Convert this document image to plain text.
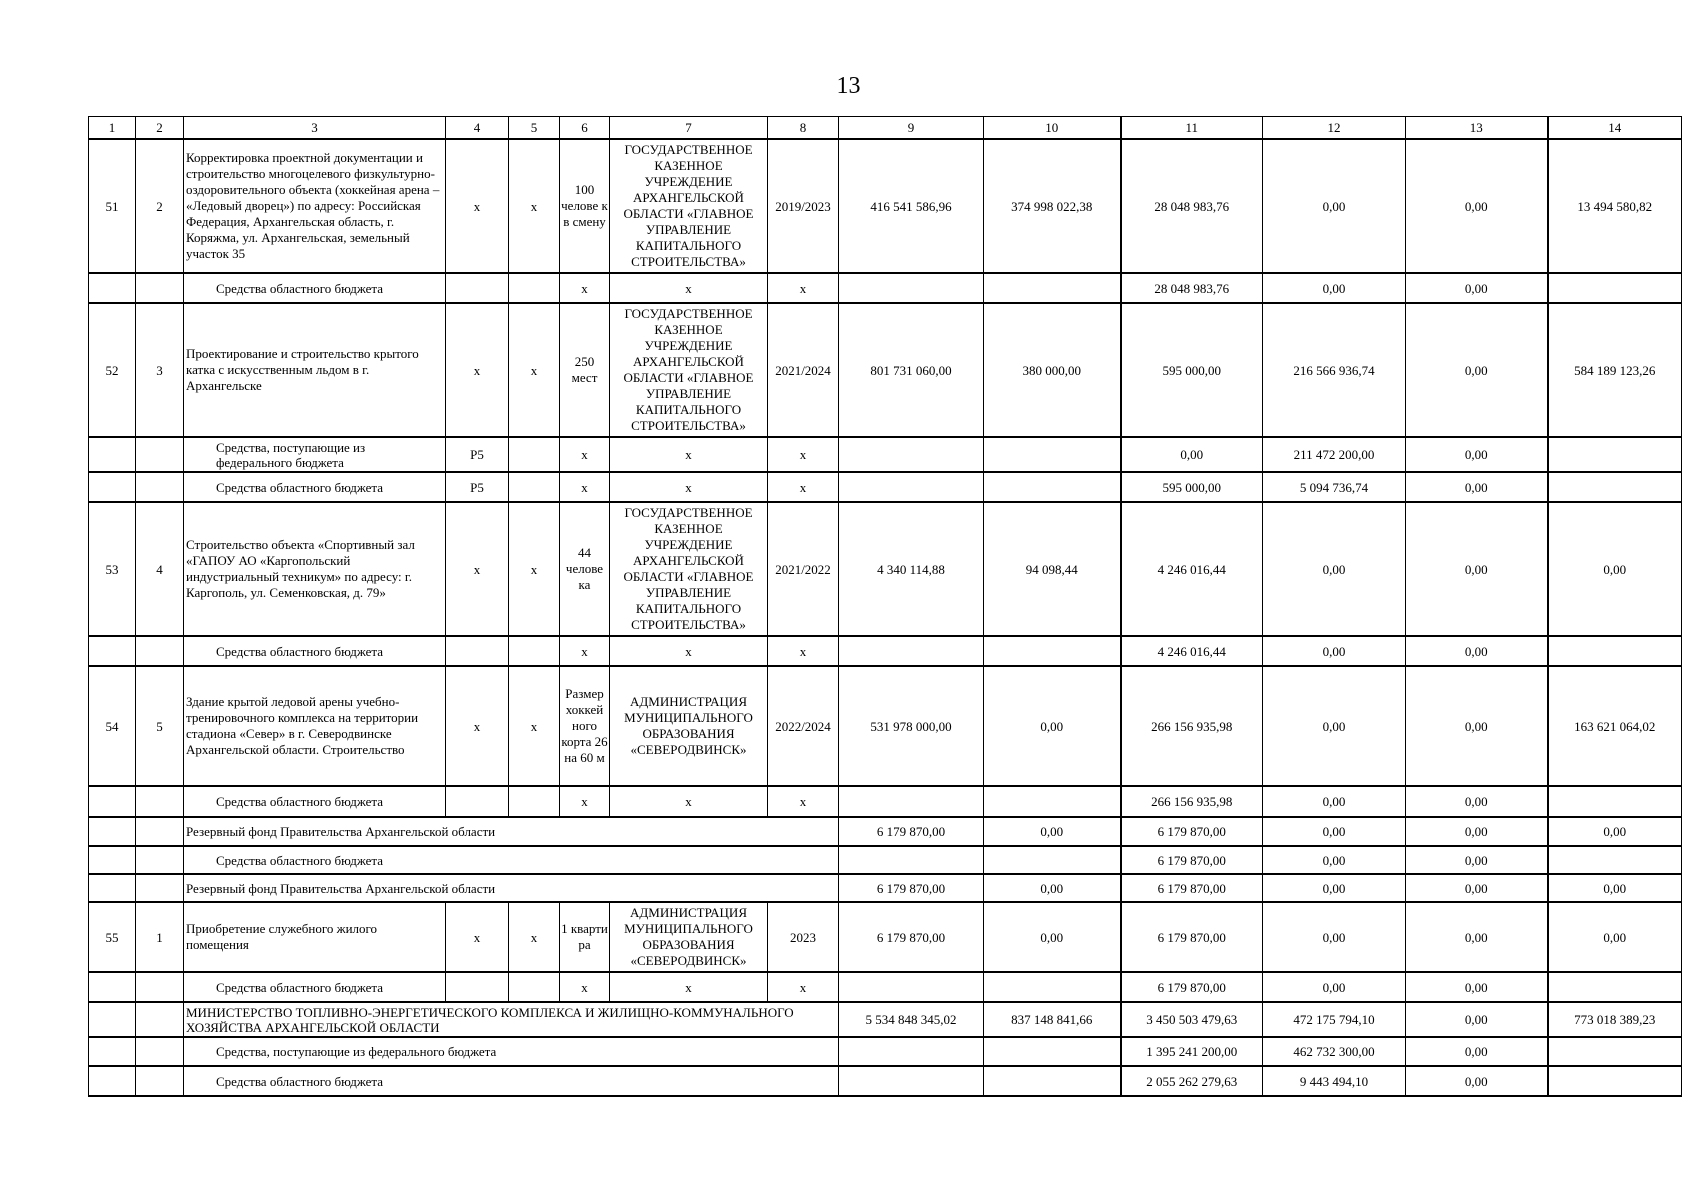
13
1	2	3	4	5	6	7	8	9	10	11	12	13	14
51	2	Корректировка проектной документации и строительство многоцелевого физкультурно-оздоровительного объекта (хоккейная арена – «Ледовый дворец») по адресу: Российская Федерация, Архангельская область, г. Коряжма, ул. Архангельская, земельный участок 35	x	x	100 челове к в смену	ГОСУДАРСТВЕННОЕ КАЗЕННОЕ УЧРЕЖДЕНИЕ АРХАНГЕЛЬСКОЙ ОБЛАСТИ «ГЛАВНОЕ УПРАВЛЕНИЕ КАПИТАЛЬНОГО СТРОИТЕЛЬСТВА»	2019/2023	416 541 586,96	374 998 022,38	28 048 983,76	0,00	0,00	13 494 580,82
		Средства областного бюджета			x	x	x			28 048 983,76	0,00	0,00	
52	3	Проектирование и строительство крытого катка с искусственным льдом в г. Архангельске	x	x	250 мест	ГОСУДАРСТВЕННОЕ КАЗЕННОЕ УЧРЕЖДЕНИЕ АРХАНГЕЛЬСКОЙ ОБЛАСТИ «ГЛАВНОЕ УПРАВЛЕНИЕ КАПИТАЛЬНОГО СТРОИТЕЛЬСТВА»	2021/2024	801 731 060,00	380 000,00	595 000,00	216 566 936,74	0,00	584 189 123,26
		Средства, поступающие из федерального бюджета	P5		x	x	x			0,00	211 472 200,00	0,00	
		Средства областного бюджета	P5		x	x	x			595 000,00	5 094 736,74	0,00	
53	4	Строительство объекта «Спортивный зал «ГАПОУ АО «Каргопольский индустриальный техникум» по адресу: г. Каргополь, ул. Семенковская, д. 79»	x	x	44 челове ка	ГОСУДАРСТВЕННОЕ КАЗЕННОЕ УЧРЕЖДЕНИЕ АРХАНГЕЛЬСКОЙ ОБЛАСТИ «ГЛАВНОЕ УПРАВЛЕНИЕ КАПИТАЛЬНОГО СТРОИТЕЛЬСТВА»	2021/2022	4 340 114,88	94 098,44	4 246 016,44	0,00	0,00	0,00
		Средства областного бюджета			x	x	x			4 246 016,44	0,00	0,00	
54	5	Здание крытой ледовой арены учебно-тренировочного комплекса на территории стадиона «Север» в г. Северодвинске Архангельской области. Строительство	x	x	Размер хоккей ного корта 26 на 60 м	АДМИНИСТРАЦИЯ МУНИЦИПАЛЬНОГО ОБРАЗОВАНИЯ «СЕВЕРОДВИНСК»	2022/2024	531 978 000,00	0,00	266 156 935,98	0,00	0,00	163 621 064,02
		Средства областного бюджета			x	x	x			266 156 935,98	0,00	0,00	
		Резервный фонд Правительства Архангельской области						6 179 870,00	0,00	6 179 870,00	0,00	0,00	0,00
		Средства областного бюджета								6 179 870,00	0,00	0,00	
		Резервный фонд Правительства Архангельской области						6 179 870,00	0,00	6 179 870,00	0,00	0,00	0,00
55	1	Приобретение служебного жилого помещения	x	x	1 кварти ра	АДМИНИСТРАЦИЯ МУНИЦИПАЛЬНОГО ОБРАЗОВАНИЯ «СЕВЕРОДВИНСК»	2023	6 179 870,00	0,00	6 179 870,00	0,00	0,00	0,00
		Средства областного бюджета			x	x	x			6 179 870,00	0,00	0,00	
		МИНИСТЕРСТВО ТОПЛИВНО-ЭНЕРГЕТИЧЕСКОГО КОМПЛЕКСА И ЖИЛИЩНО-КОММУНАЛЬНОГО ХОЗЯЙСТВА АРХАНГЕЛЬСКОЙ ОБЛАСТИ						5 534 848 345,02	837 148 841,66	3 450 503 479,63	472 175 794,10	0,00	773 018 389,23
		Средства, поступающие из федерального бюджета								1 395 241 200,00	462 732 300,00	0,00	
		Средства областного бюджета								2 055 262 279,63	9 443 494,10	0,00	
